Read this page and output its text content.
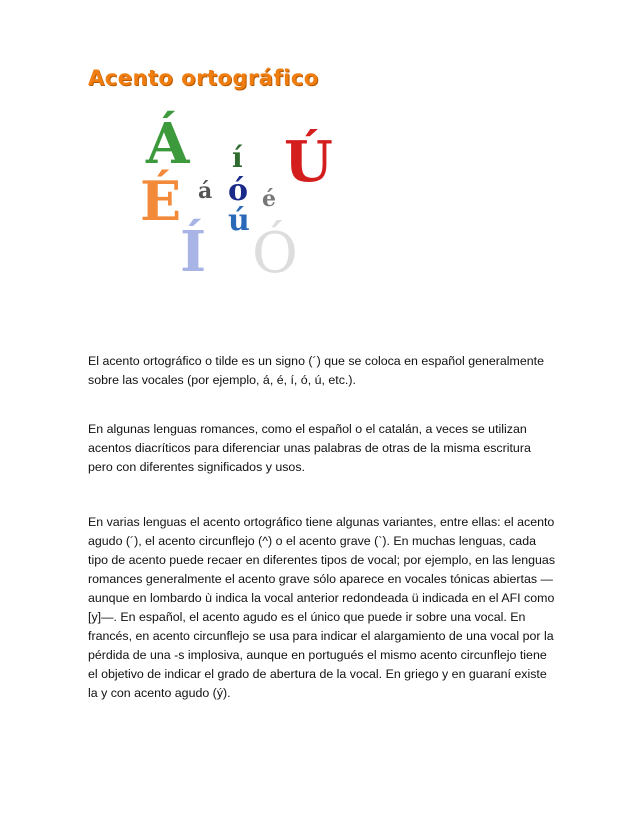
Acento ortográfico
Á í Ú
á ó é
É ú
Í Ó

El acento ortográfico o tilde es un signo (´) que se coloca en español generalmente sobre las vocales (por ejemplo, á, é, í, ó, ú, etc.).

En algunas lenguas romances, como el español o el catalán, a veces se utilizan acentos diacríticos para diferenciar unas palabras de otras de la misma escritura pero con diferentes significados y usos.

En varias lenguas el acento ortográfico tiene algunas variantes, entre ellas: el acento agudo (´), el acento circunflejo (^) o el acento grave (`). En muchas lenguas, cada tipo de acento puede recaer en diferentes tipos de vocal; por ejemplo, en las lenguas romances generalmente el acento grave sólo aparece en vocales tónicas abiertas —aunque en lombardo ù indica la vocal anterior redondeada ü indicada en el AFI como [y]—. En español, el acento agudo es el único que puede ir sobre una vocal. En francés, en acento circunflejo se usa para indicar el alargamiento de una vocal por la pérdida de una -s implosiva, aunque en portugués el mismo acento circunflejo tiene el objetivo de indicar el grado de abertura de la vocal. En griego y en guaraní existe la y con acento agudo (ý).
